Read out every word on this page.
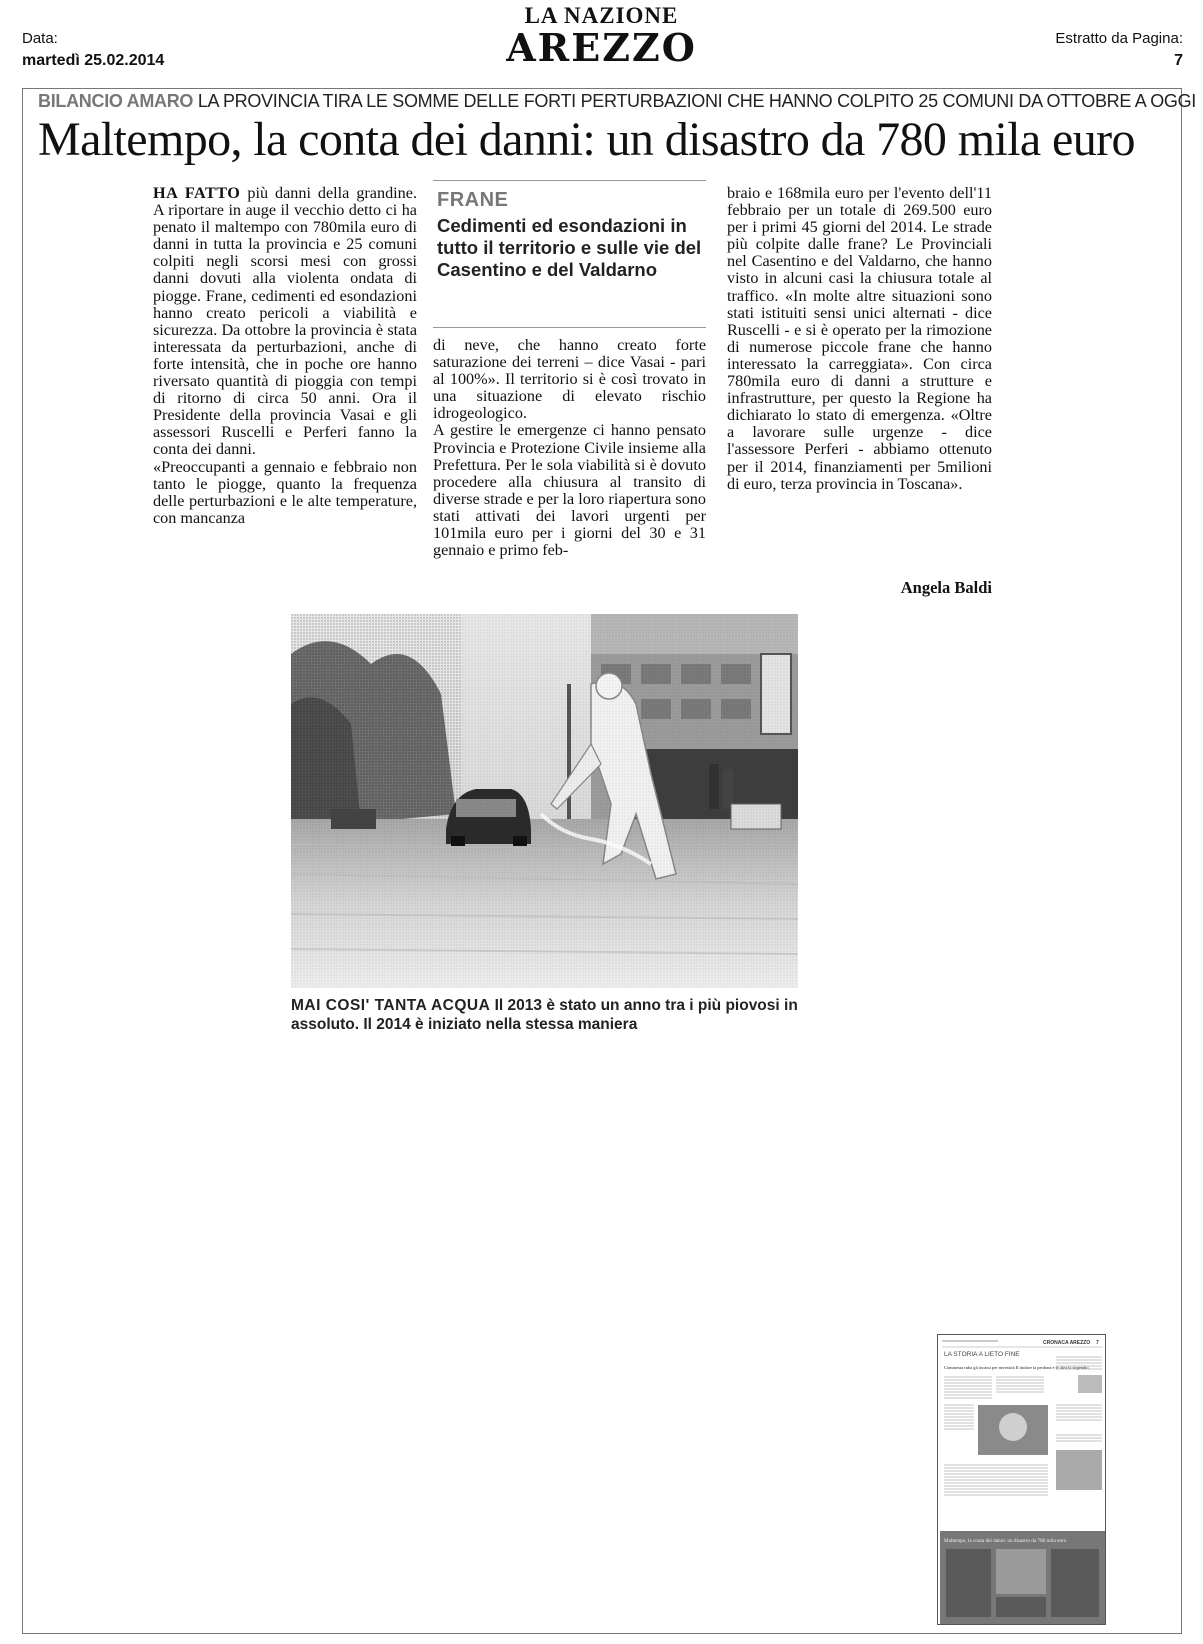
Data:
martedì 25.02.2014
Estratto da Pagina:
7
LA NAZIONE
AREZZO
BILANCIO AMARO LA PROVINCIA TIRA LE SOMME DELLE FORTI PERTURBAZIONI CHE HANNO COLPITO 25 COMUNI DA OTTOBRE A OGGI
Maltempo, la conta dei danni: un disastro da 780 mila euro

HA FATTO più danni della grandine. A riportare in auge il vecchio detto ci ha penato il maltempo con 780mila euro di danni in tutta la provincia e 25 comuni colpiti negli scorsi mesi con grossi danni dovuti alla violenta ondata di piogge. Frane, cedimenti ed esondazioni hanno creato pericoli a viabilità e sicurezza. Da ottobre la provincia è stata interessata da perturbazioni, anche di forte intensità, che in poche ore hanno riversato quantità di pioggia con tempi di ritorno di circa 50 anni. Ora il Presidente della provincia Vasai e gli assessori Ruscelli e Perferi fanno la conta dei danni.

«Preoccupanti a gennaio e febbraio non tanto le piogge, quanto la frequenza delle perturbazioni e le alte temperature, con mancanza

FRANE
Cedimenti ed esondazioni in tutto il territorio e sulle vie del Casentino e del Valdarno

di neve, che hanno creato forte saturazione dei terreni – dice Vasai - pari al 100%». Il territorio si è così trovato in una situazione di elevato rischio idrogeologico.

A gestire le emergenze ci hanno pensato Provincia e Protezione Civile insieme alla Prefettura. Per le sola viabilità si è dovuto procedere alla chiusura al transito di diverse strade e per la loro riapertura sono stati attivati dei lavori urgenti per 101mila euro per i giorni del 30 e 31 gennaio e primo feb-

braio e 168mila euro per l'evento dell'11 febbraio per un totale di 269.500 euro per i primi 45 giorni del 2014. Le strade più colpite dalle frane? Le Provinciali nel Casentino e del Valdarno, che hanno visto in alcuni casi la chiusura totale al traffico. «In molte altre situazioni sono stati istituiti sensi unici alternati - dice Ruscelli - e si è operato per la rimozione di numerose piccole frane che hanno interessato la carreggiata». Con circa 780mila euro di danni a strutture e infrastrutture, per questo la Regione ha dichiarato lo stato di emergenza. «Oltre a lavorare sulle urgenze - dice l'assessore Perferi - abbiamo ottenuto per il 2014, finanziamenti per 5milioni di euro, terza provincia in Toscana».

Angela Baldi
MAI COSI' TANTA ACQUA Il 2013 è stato un anno tra i più piovosi in assoluto. Il 2014 è iniziato nella stessa maniera
CRONACA AREZZO 7
LA STORIA A LIETO FINE
Commessa ruba gli incassi per necessità Il titolare la perdona e le alza lo stipendio
Maltempo, la conta dei danni: un disastro da 780 mila euro
